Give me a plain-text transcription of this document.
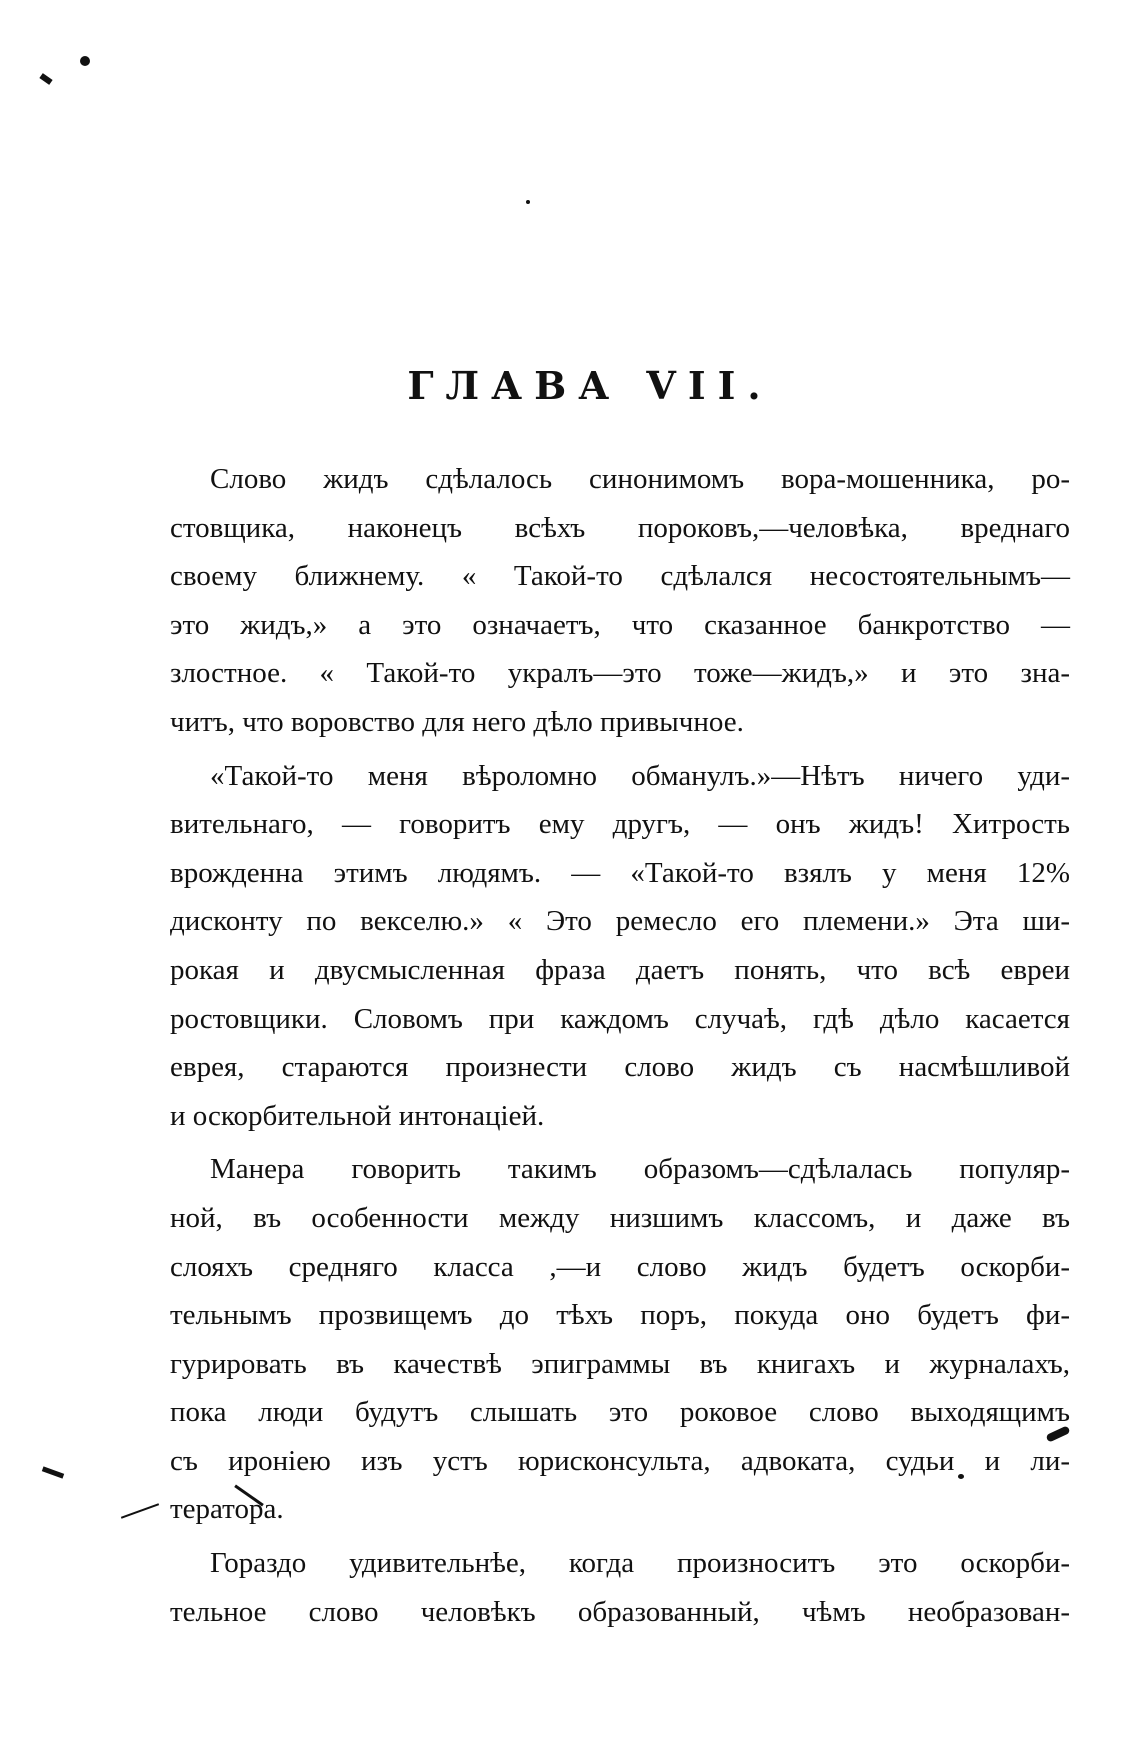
ГЛАВА VII.
Слово жидъ сдѣлалось синонимомъ вора-мошенника, ро-
стовщика, наконецъ всѣхъ пороковъ,—человѣка, вреднаго
своему ближнему. « Такой-то сдѣлался несостоятельнымъ—
это жидъ,» а это означаетъ, что сказанное банкротство —
злостное. « Такой-то укралъ—это тоже—жидъ,» и это зна-
читъ, что воровство для него дѣло привычное.
«Такой-то меня вѣроломно обманулъ.»—Нѣтъ ничего уди-
вительнаго, — говоритъ ему другъ, — онъ жидъ! Хитрость
врожденна этимъ людямъ. — «Такой-то взялъ у меня 12%
дисконту по векселю.» « Это ремесло его племени.» Эта ши-
рокая и двусмысленная фраза даетъ понять, что всѣ евреи
ростовщики. Словомъ при каждомъ случаѣ, гдѣ дѣло касается
еврея, стараются произнести слово жидъ съ насмѣшливой
и оскорбительной интонаціей.
Манера говорить такимъ образомъ—сдѣлалась популяр-
ной, въ особенности между низшимъ классомъ, и даже въ
слояхъ средняго класса ,—и слово жидъ будетъ оскорби-
тельнымъ прозвищемъ до тѣхъ поръ, покуда оно будетъ фи-
гурировать въ качествѣ эпиграммы въ книгахъ и журналахъ,
пока люди будутъ слышать это роковое слово выходящимъ
съ ироніею изъ устъ юрисконсульта, адвоката, судьи и ли-
тератора.
Гораздо удивительнѣе, когда произноситъ это оскорби-
тельное слово человѣкъ образованный, чѣмъ необразован-
